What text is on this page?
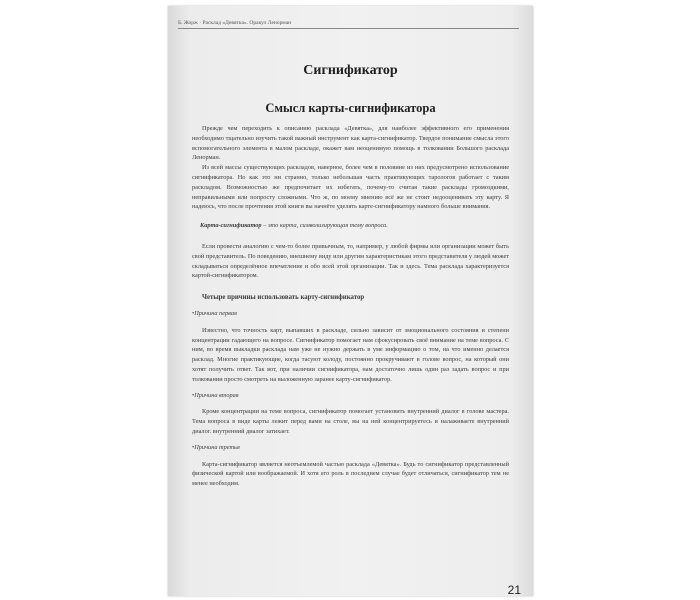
Б. Жорж · Расклад «Девятка». Оракул Ленорман
Сигнификатор
Смысл карты-сигнификатора

Прежде чем переходить к описанию расклада «Девятка», для наиболее эффективного его применения необходимо тщательно изучить такой важный инструмент как карта-сигнификатор. Твердое понимание смысла этого вспомогательного элемента в малом раскладе, окажет вам неоценимую помощь в толковании Большого расклада Ленорман.

Из всей массы существующих раскладов, наверное, более чем в половине из них предусмотрено использование сигнификатора. Но как это ни странно, только небольшая часть практикующих тарологов работает с таким раскладом. Возможностью же предпочитает их избегать, почему-то считая такие расклады громоздкими, неправильными или попросту сложными. Что ж, по моему мнению всё же не стоит недооценивать эту карту. Я надеюсь, что после прочтения этой книги вы начнёте уделять карте-сигнификатору намного больше внимания.

Карта-сигнификатор – это карта, символизирующая тему вопроса.

Если провести аналогию с чем-то более привычным, то, например, у любой фирмы или организации может быть свой представитель. По поведению, внешнему виду или другим характеристикам этого представителя у людей может складываться определённое впечатление и обо всей этой организации. Так и здесь. Тема расклада характеризуется картой-сигнификатором.

Четыре причины использовать карту-сигнификатор

•Причина первая

Известно, что точность карт, выпавших в раскладе, сильно зависит от эмоционального состояния и степени концентрации гадающего на вопросе. Сигнификатор помогает нам сфокусировать своё внимание на теме вопроса. С ним, во время выкладки расклада нам уже не нужно держать в уме информацию о том, на что именно делается расклад. Многие практикующие, когда тасуют колоду, постоянно прокручивают в голове вопрос, на который они хотят получить ответ. Так вот, при наличии сигнификатора, нам достаточно лишь один раз задать вопрос и при толковании просто смотреть на выложенную заранее карту-сигнификатор.

•Причина вторая

Кроме концентрации на теме вопроса, сигнификатор помогает установить внутренний диалог в голове мастера. Тема вопроса в виде карты лежит перед вами на столе, вы на ней концентрируетесь и налаживаете внутренний диалог. внутренний диалог затихает.

•Причина третья

Карта-сигнификатор является неотъемлемой частью расклада «Девятка». Будь то сигнификатор представленный физической картой или воображаемой. И хотя его роль в последнем случае будет отличаться, сигнификатор тем не менее необходим.

21
